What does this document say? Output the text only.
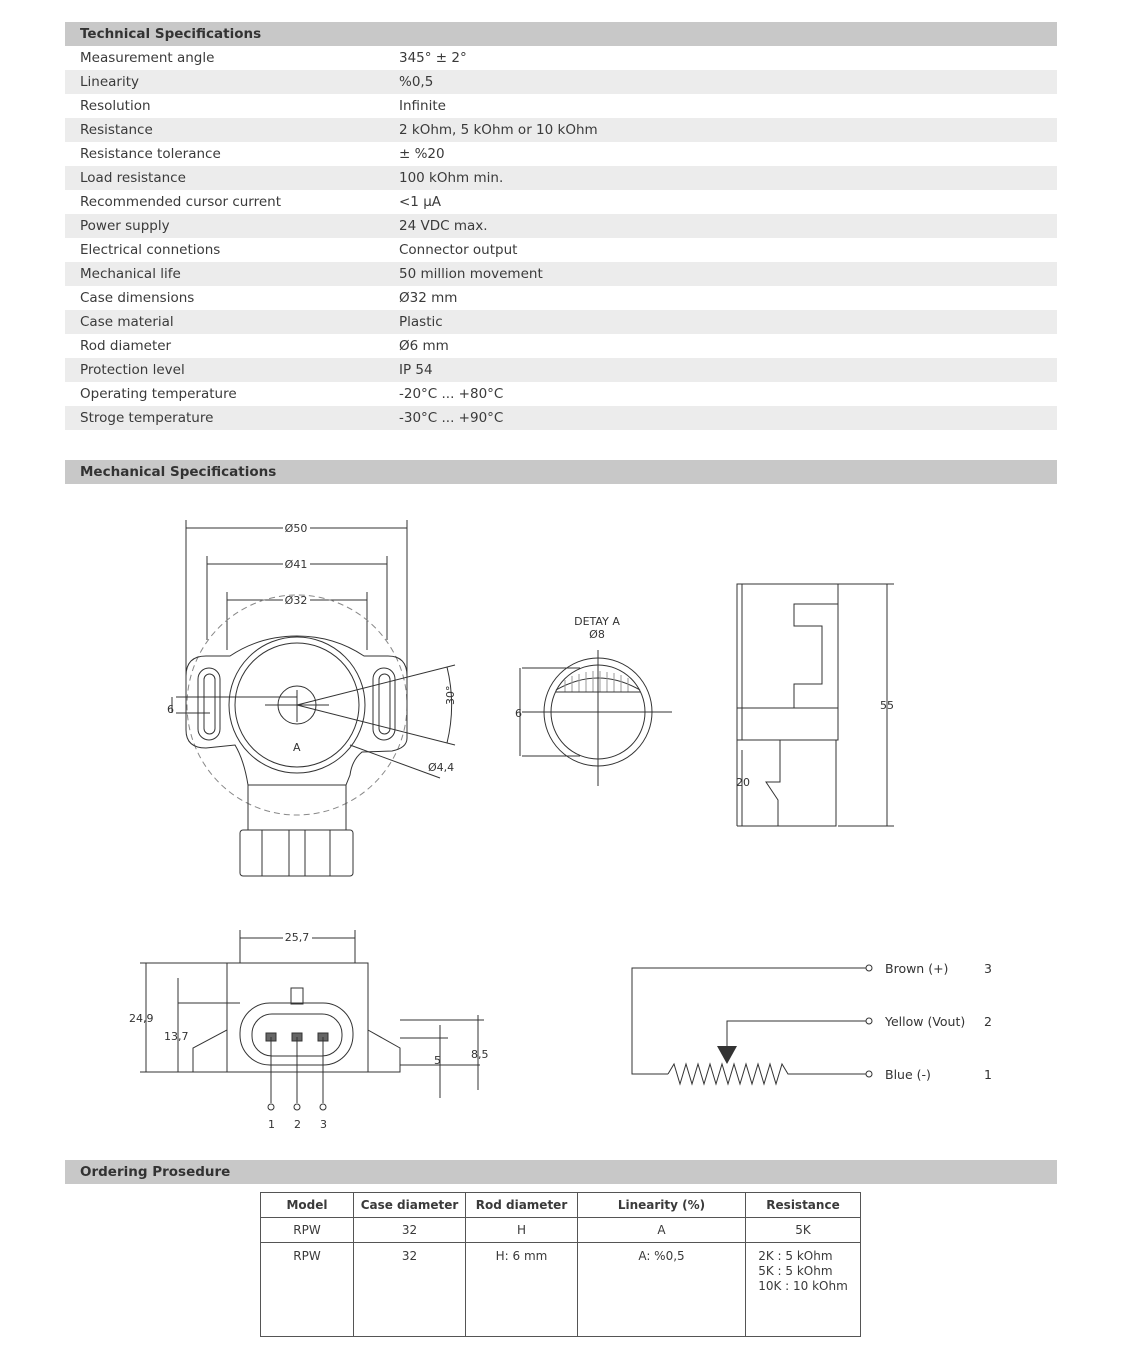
Technical Specifications
Measurement angle	345° ± 2°
Linearity	%0,5
Resolution	Infinite
Resistance	2 kOhm, 5 kOhm or 10 kOhm
Resistance tolerance	± %20
Load resistance	100 kOhm min.
Recommended cursor current	<1 µA
Power supply	24 VDC max.
Electrical connetions	Connector output
Mechanical life	50 million movement
Case dimensions	Ø32 mm
Case material	Plastic
Rod diameter	Ø6 mm
Protection level	IP 54
Operating temperature	-20°C ... +80°C
Stroge temperature	-30°C ... +90°C
Mechanical Specifications
Ø50
Ø41
Ø32
6
A
30°
Ø4,4
DETAY A
Ø8
6
55
20
25,7
24,9
13,7
5	8,5
1 2 3
Brown (+)	3
Yellow (Vout) 2
Blue (-)	1
Ordering Prosedure
Model	Case diameter	Rod diameter	Linearity (%)	Resistance
RPW	32	H	A	5K
RPW	32	H: 6 mm	A: %0,5	2K : 5 kOhm
5K : 5 kOhm
10K : 10 kOhm
